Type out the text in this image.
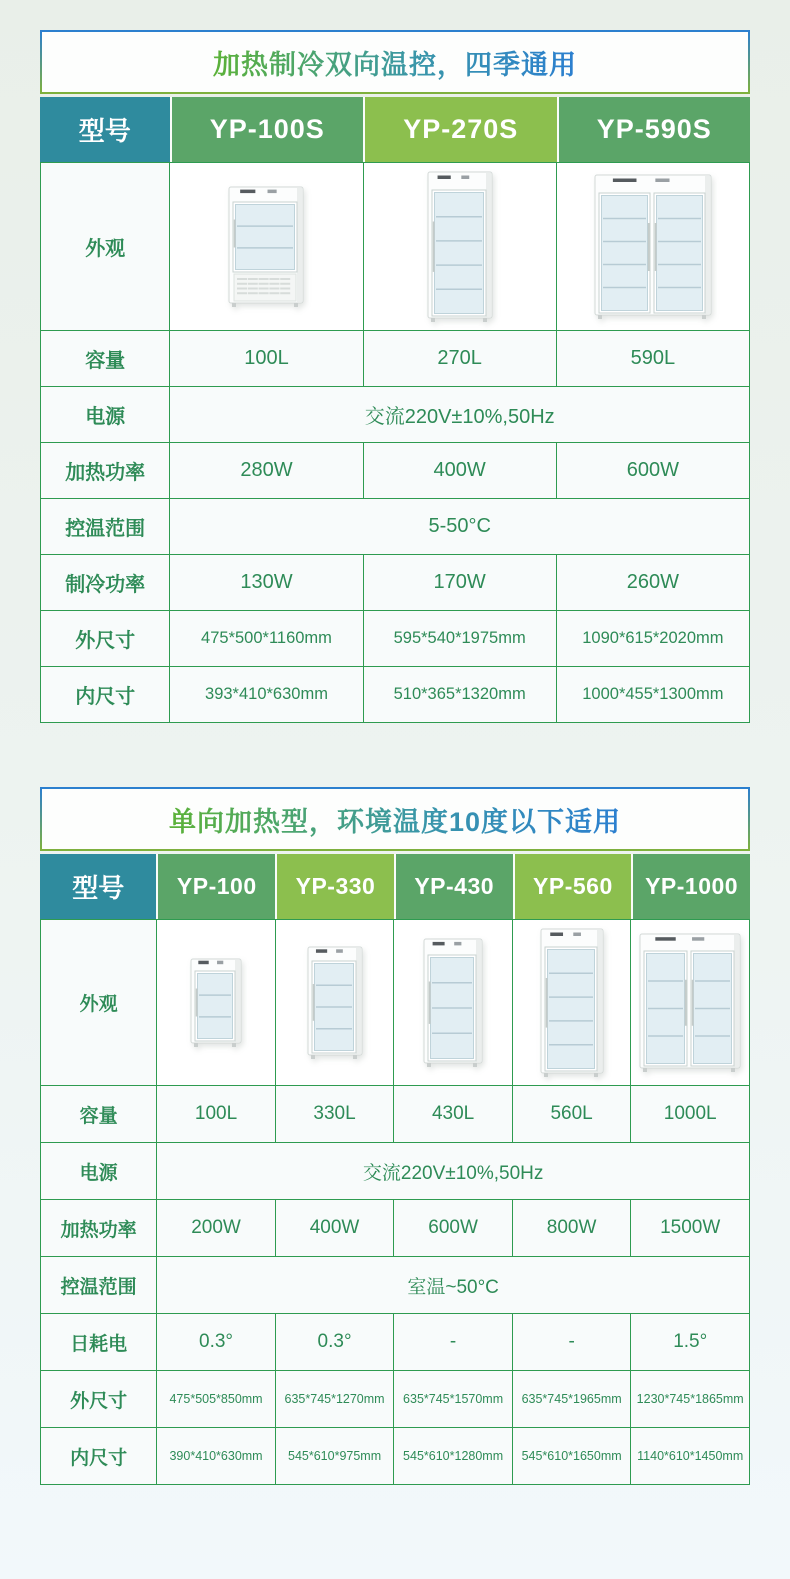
加热制冷双向温控，四季通用
型号	YP-100S	YP-270S	YP-590S
外观			
容量	100L	270L	590L
电源	交流220V±10%,50Hz		
加热功率	280W	400W	600W
控温范围	5-50°C		
制冷功率	130W	170W	260W
外尺寸	475*500*1160mm	595*540*1975mm	1090*615*2020mm
内尺寸	393*410*630mm	510*365*1320mm	1000*455*1300mm
单向加热型，环境温度10度以下适用
型号	YP-100	YP-330	YP-430	YP-560	YP-1000
外观					
容量	100L	330L	430L	560L	1000L
电源	交流220V±10%,50Hz				
加热功率	200W	400W	600W	800W	1500W
控温范围	室温~50°C				
日耗电	0.3°	0.3°	-	-	1.5°
外尺寸	475*505*850mm	635*745*1270mm	635*745*1570mm	635*745*1965mm	1230*745*1865mm
内尺寸	390*410*630mm	545*610*975mm	545*610*1280mm	545*610*1650mm	1140*610*1450mm
